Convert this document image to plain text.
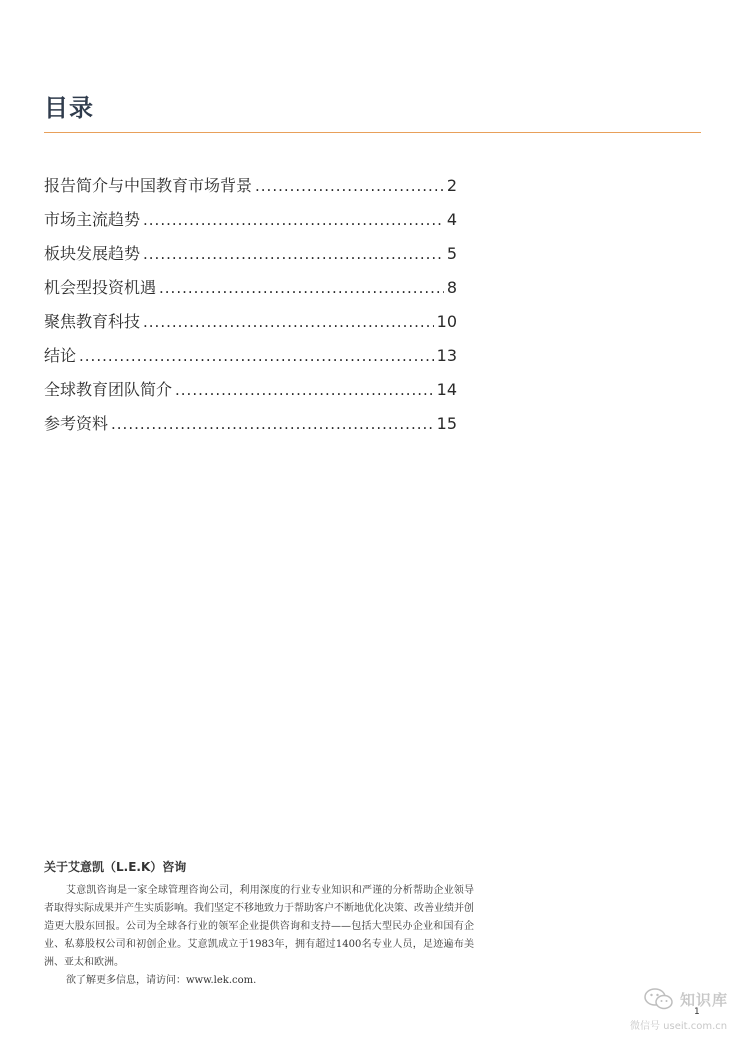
目录
报告简介与中国教育市场背景 .....	2
市场主流趋势 .....	4
板块发展趋势 .....	5
机会型投资机遇 .....	8
聚焦教育科技 .....	10
结论 .....	13
全球教育团队简介 .....	14
参考资料 .....	15
关于艾意凯（L.E.K）咨询
艾意凯咨询是一家全球管理咨询公司，利用深度的行业专业知识和严谨的分析帮助企业领导者取得实际成果并产生实质影响。我们坚定不移地致力于帮助客户不断地优化决策、改善业绩并创造更大股东回报。公司为全球各行业的领军企业提供咨询和支持——包括大型民办企业和国有企业、私募股权公司和初创企业。艾意凯成立于1983年，拥有超过1400名专业人员，足迹遍布美洲、亚太和欧洲。
欲了解更多信息，请访问：www.lek.com.
知识库
微信号 useit.com.cn
1
